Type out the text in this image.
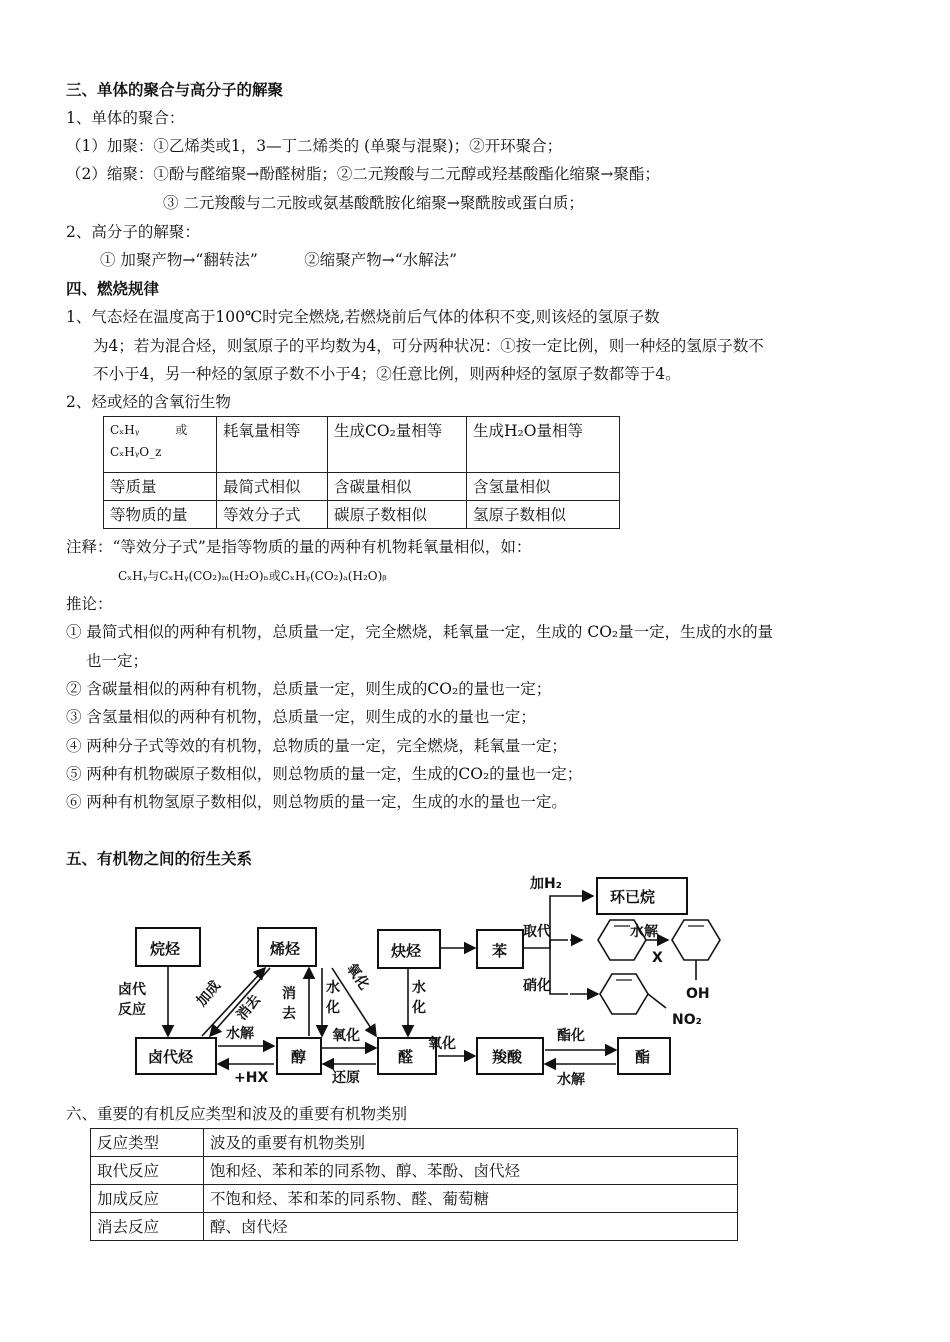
三、单体的聚合与高分子的解聚
1、单体的聚合：
（1）加聚：①乙烯类或1，3—丁二烯类的 (单聚与混聚)；②开环聚合；
（2）缩聚：①酚与醛缩聚→酚醛树脂；②二元羧酸与二元醇或羟基酸酯化缩聚→聚酯；
③ 二元羧酸与二元胺或氨基酸酰胺化缩聚→聚酰胺或蛋白质；
2、高分子的解聚：
① 加聚产物→“翻转法”　　　②缩聚产物→“水解法”
四、燃烧规律
1、气态烃在温度高于100℃时完全燃烧,若燃烧前后气体的体积不变,则该烃的氢原子数
为4；若为混合烃，则氢原子的平均数为4，可分两种状况：①按一定比例，则一种烃的氢原子数不
不小于4，另一种烃的氢原子数不小于4；②任意比例，则两种烃的氢原子数都等于4。
2、烃或烃的含氧衍生物
CₓHᵧ　　　或
CₓHᵧO_z	耗氧量相等	生成CO₂量相等	生成H₂O量相等
等质量	最简式相似	含碳量相似	含氢量相似
等物质的量	等效分子式	碳原子数相似	氢原子数相似
注释：“等效分子式”是指等物质的量的两种有机物耗氧量相似，如：
CₓHᵧ与CₓHᵧ(CO₂)ₘ(H₂O)ₙ或CₓHᵧ(CO₂)ₐ(H₂O)ᵦ
推论：
① 最简式相似的两种有机物，总质量一定，完全燃烧，耗氧量一定，生成的 CO₂量一定，生成的水的量
也一定；
② 含碳量相似的两种有机物，总质量一定，则生成的CO₂的量也一定；
③ 含氢量相似的两种有机物，总质量一定，则生成的水的量也一定；
④ 两种分子式等效的有机物，总物质的量一定，完全燃烧，耗氧量一定；
⑤ 两种有机物碳原子数相似，则总物质的量一定，生成的CO₂的量也一定；
⑥ 两种有机物氢原子数相似，则总物质的量一定，生成的水的量也一定。
五、有机物之间的衍生关系
烷烃	烯烃	炔烃	苯
环已烷
卤代烃	醇	醛	羧酸	酯
加H₂
取代	水解
硝化
X
OH
NO₂
卤代
反应
加成 消去 消
去
水
化
氧化	水
化
水解
+HX
氧化
还原
氧化	酯化
水解
六、重要的有机反应类型和波及的重要有机物类别
反应类型	波及的重要有机物类别
取代反应	饱和烃、苯和苯的同系物、醇、苯酚、卤代烃
加成反应	不饱和烃、苯和苯的同系物、醛、葡萄糖
消去反应	醇、卤代烃
